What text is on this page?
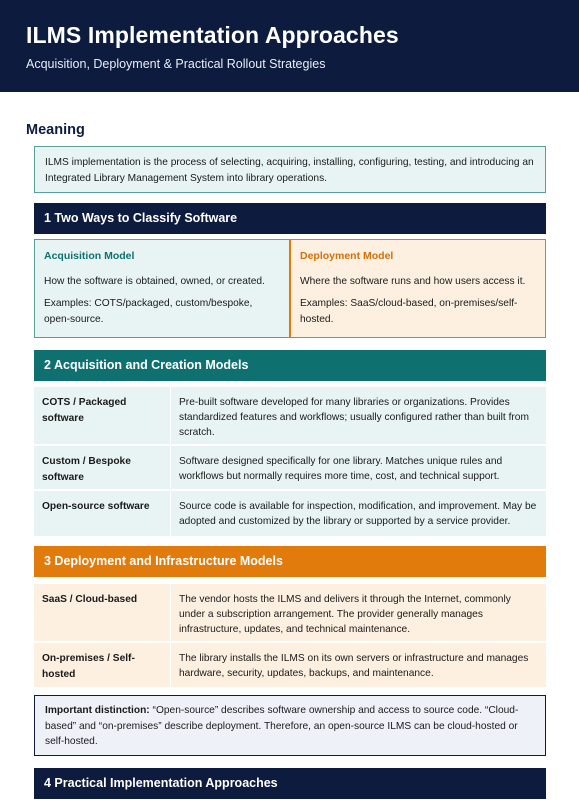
ILMS Implementation Approaches
Acquisition, Deployment & Practical Rollout Strategies
Meaning
ILMS implementation is the process of selecting, acquiring, installing, configuring, testing, and introducing an Integrated Library Management System into library operations.
1 Two Ways to Classify Software
Acquisition Model

How the software is obtained, owned, or created.

Examples: COTS/packaged, custom/bespoke, open-source.

Deployment Model

Where the software runs and how users access it.

Examples: SaaS/cloud-based, on-premises/self-hosted.

2 Acquisition and Creation Models
COTS / Packaged software
Pre-built software developed for many libraries or organizations. Provides standardized features and workflows; usually configured rather than built from scratch.
Custom / Bespoke software
Software designed specifically for one library. Matches unique rules and workflows but normally requires more time, cost, and technical support.
Open-source software	Source code is available for inspection, modification, and improvement. May be adopted and customized by the library or supported by a service provider.
3 Deployment and Infrastructure Models
SaaS / Cloud-based	The vendor hosts the ILMS and delivers it through the Internet, commonly under a subscription arrangement. The provider generally manages infrastructure, updates, and technical maintenance.
On-premises / Self-hosted
The library installs the ILMS on its own servers or infrastructure and manages hardware, security, updates, backups, and maintenance.
Important distinction: “Open-source” describes software ownership and access to source code. “Cloud-based” and “on-premises” describe deployment. Therefore, an open-source ILMS can be cloud-hosted or self-hosted.
4 Practical Implementation Approaches
